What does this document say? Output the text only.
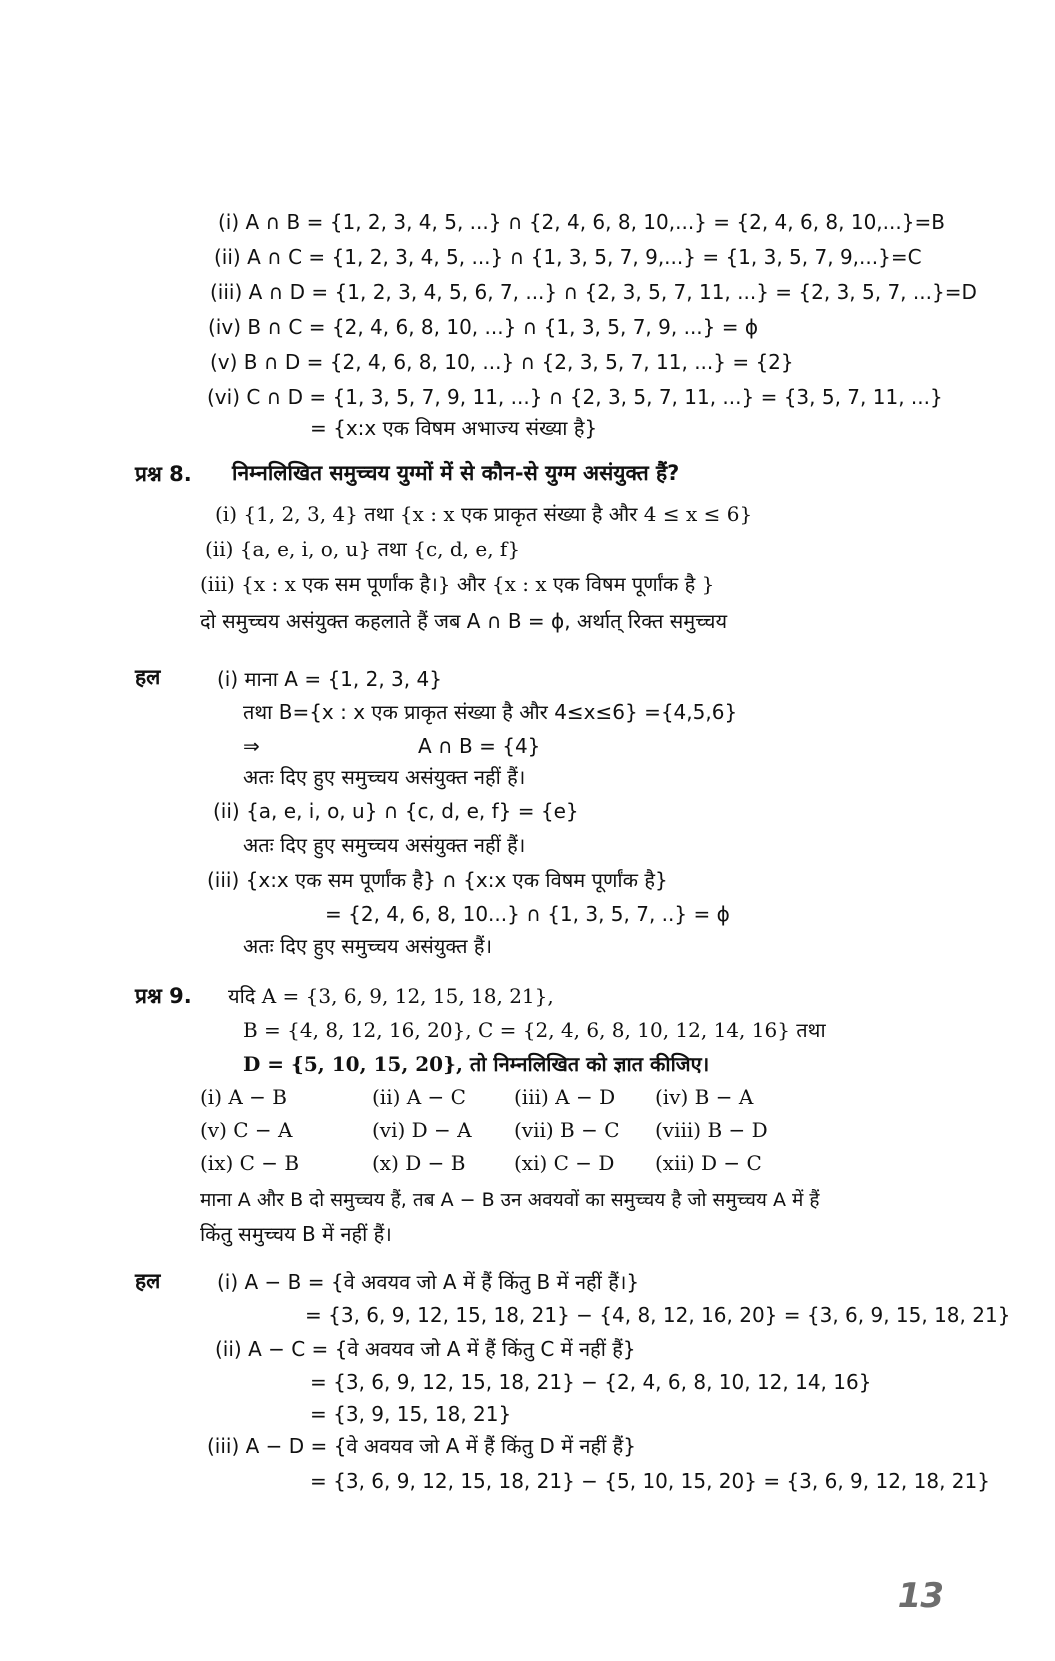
(i) A ∩ B = {1, 2, 3, 4, 5, ...} ∩ {2, 4, 6, 8, 10,...} = {2, 4, 6, 8, 10,...}=B
(ii) A ∩ C = {1, 2, 3, 4, 5, ...} ∩ {1, 3, 5, 7, 9,...} = {1, 3, 5, 7, 9,...}=C
(iii) A ∩ D = {1, 2, 3, 4, 5, 6, 7, ...} ∩ {2, 3, 5, 7, 11, ...} = {2, 3, 5, 7, ...}=D
(iv) B ∩ C = {2, 4, 6, 8, 10, ...} ∩ {1, 3, 5, 7, 9, ...} = ϕ
(v) B ∩ D = {2, 4, 6, 8, 10, ...} ∩ {2, 3, 5, 7, 11, ...} = {2}
(vi) C ∩ D = {1, 3, 5, 7, 9, 11, ...} ∩ {2, 3, 5, 7, 11, ...} = {3, 5, 7, 11, ...}
= {x:x एक विषम अभाज्य संख्या है}
प्रश्न 8. निम्नलिखित समुच्चय युग्मों में से कौन-से युग्म असंयुक्त हैं?
(i) {1, 2, 3, 4} तथा {x : x एक प्राकृत संख्या है और 4 ≤ x ≤ 6}
(ii) {a, e, i, o, u} तथा {c, d, e, f}
(iii) {x : x एक सम पूर्णांक है।} और {x : x एक विषम पूर्णांक है }
दो समुच्चय असंयुक्त कहलाते हैं जब A ∩ B = ϕ, अर्थात् रिक्त समुच्चय
हल	(i) माना A = {1, 2, 3, 4}
तथा B={x : x एक प्राकृत संख्या है और 4≤x≤6} ={4,5,6}
⇒	A ∩ B = {4}
अतः दिए हुए समुच्चय असंयुक्त नहीं हैं।
(ii) {a, e, i, o, u} ∩ {c, d, e, f} = {e}
अतः दिए हुए समुच्चय असंयुक्त नहीं हैं।
(iii) {x:x एक सम पूर्णांक है} ∩ {x:x एक विषम पूर्णांक है}
= {2, 4, 6, 8, 10...} ∩ {1, 3, 5, 7, ..} = ϕ
अतः दिए हुए समुच्चय असंयुक्त हैं।
प्रश्न 9. यदि A = {3, 6, 9, 12, 15, 18, 21},
B = {4, 8, 12, 16, 20}, C = {2, 4, 6, 8, 10, 12, 14, 16} तथा
D = {5, 10, 15, 20}, तो निम्नलिखित को ज्ञात कीजिए।
(i) A − B	(ii) A − C (iii) A − D (iv) B − A
(v) C − A	(vi) D − A (vii) B − C (viii) B − D
(ix) C − B	(x) D − B (xi) C − D (xii) D − C
माना A और B दो समुच्चय हैं, तब A − B उन अवयवों का समुच्चय है जो समुच्चय A में हैं
किंतु समुच्चय B में नहीं हैं।
हल	(i) A − B = {वे अवयव जो A में हैं किंतु B में नहीं हैं।}
= {3, 6, 9, 12, 15, 18, 21} − {4, 8, 12, 16, 20} = {3, 6, 9, 15, 18, 21}
(ii) A − C = {वे अवयव जो A में हैं किंतु C में नहीं हैं}
= {3, 6, 9, 12, 15, 18, 21} − {2, 4, 6, 8, 10, 12, 14, 16}
= {3, 9, 15, 18, 21}
(iii) A − D = {वे अवयव जो A में हैं किंतु D में नहीं हैं}
= {3, 6, 9, 12, 15, 18, 21} − {5, 10, 15, 20} = {3, 6, 9, 12, 18, 21}
13
